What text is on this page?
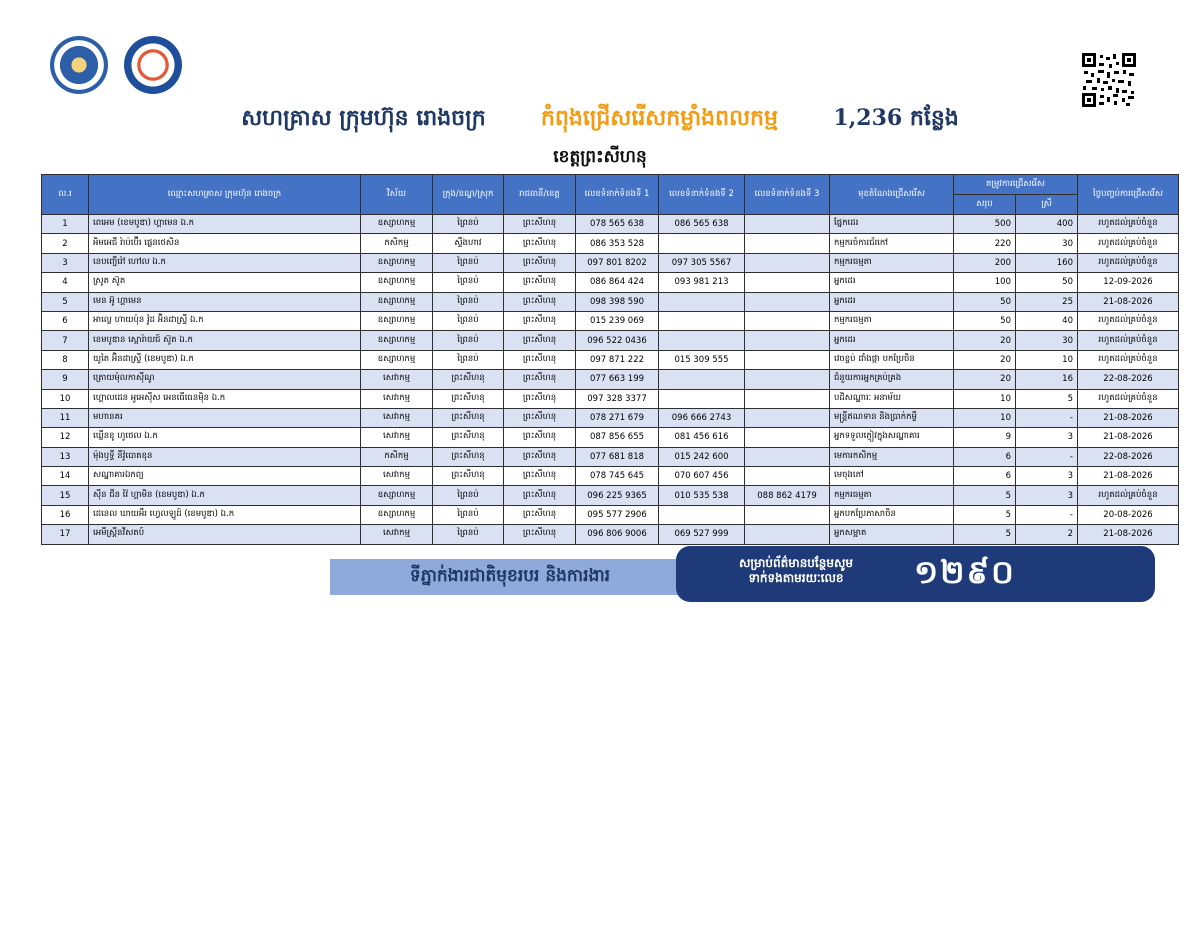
សហគ្រាស ក្រុមហ៊ុន រោងចក្រ	កំពុងជ្រើសរើសកម្លាំងពលកម្ម	1,236 កន្លែង
ខេត្តព្រះសីហនុ
ល.រ	ឈ្មោះសហគ្រាស ក្រុមហ៊ុន រោងចក្រ	វិស័យ	ក្រុង/ខណ្ឌ/ស្រុក	រាជធានី/ខេត្ត	លេខទំនាក់ទំនងទី 1	លេខទំនាក់ទំនងទី 2	លេខទំនាក់ទំនងទី 3	មុខតំណែងជ្រើសរើស	តម្រូវការជ្រើសរើស		ថ្ងៃបញ្ចប់ការជ្រើសរើស
									សរុប	ស្រី	
1	ពេអេម (ខេមបូឌា) ហ្គាមេន ឯ.ក	ឧស្សាហកម្ម	ព្រៃនប់	ព្រះសីហនុ	078 565 638	086 565 638		ផ្នែកដេរ	500	400	រហូតដល់គ្រប់ចំនួន
2	អិមអេជី រ៉ាប់ប៊ើរ ផ្លេនថេសិន	កសិកម្ម	ស្ទឹងហាវ	ព្រះសីហនុ	086 353 528			កម្មករចំការជ័រកៅ	220	30	រហូតដល់គ្រប់ចំនួន
3	នេបញ្ជើរ៉ៅ ហៅល ឯ.ក	ឧស្សាហកម្ម	ព្រៃនប់	ព្រះសីហនុ	097 801 8202	097 305 5567		កម្មករធម្មតា	200	160	រហូតដល់គ្រប់ចំនួន
4	ស្រូត ស៊ូត	ឧស្សាហកម្ម	ព្រៃនប់	ព្រះសីហនុ	086 864 424	093 981 213		អ្នកដេរ	100	50	12-09-2026
5	មេន អ៊ូ ហ្គាមេន	ឧស្សាហកម្ម	ព្រៃនប់	ព្រះសីហនុ	098 398 590			អ្នកដេរ	50	25	21-08-2026
6	អាល្លេ ហាយប៉ុន វ៉ូដ អ៊ិនដាស្ទ្រី ឯ.ក	ឧស្សាហកម្ម	ព្រៃនប់	ព្រះសីហនុ	015 239 069			កម្មករធម្មតា	50	40	រហូតដល់គ្រប់ចំនួន
7	ខេមបូឌាន ស្ពោរ៉ាយជ៍ ស៊ូត ឯ.ក	ឧស្សាហកម្ម	ព្រៃនប់	ព្រះសីហនុ	096 522 0436			អ្នកដេរ	20	30	រហូតដល់គ្រប់ចំនួន
8	យូតៃ អ៊ិនដាស្ទ្រី (ខេមបូឌា) ឯ.ក	ឧស្សាហកម្ម	ព្រៃនប់	ព្រះសីហនុ	097 871 222	015 309 555		វេចខ្ចប់ ដាំងផ្កា បកប្រែចិន	20	10	រហូតដល់គ្រប់ចំនួន
9	ត្រោយម៉ុលកាស៊ីណូ	សេវាកម្ម	ព្រះសីហនុ	ព្រះសីហនុ	077 663 199			ជំនួយការអ្នកគ្រប់គ្រង	20	16	22-08-2026
10	ហ្គោលដេន អូអេស៊ីស អេនធើធេនម៉ិន ឯ.ក	សេវាកម្ម	ព្រះសីហនុ	ព្រះសីហនុ	097 328 3377			បដិសណ្ឋារៈ អនាម័យ	10	5	រហូតដល់គ្រប់ចំនួន
11	មហានគរ	សេវាកម្ម	ព្រះសីហនុ	ព្រះសីហនុ	078 271 679	096 666 2743		មន្ត្រីឥណទាន និងប្រាក់កម្ចី	10	-	21-08-2026
12	ឃ្លើនខូ ហូថេល ឯ.ក	សេវាកម្ម	ព្រះសីហនុ	ព្រះសីហនុ	087 856 655	081 456 616		អ្នកទទួលភ្ញៀវក្នុងសណ្ឋាគារ	9	3	21-08-2026
13	ម៉ុងឫទ្ធី នីវ៉ូបោតខុន	កសិកម្ម	ព្រះសីហនុ	ព្រះសីហនុ	077 681 818	015 242 600		មេការកសិកម្ម	6	-	22-08-2026
14	សណ្ឋាគារឯកព្យ	សេវាកម្ម	ព្រះសីហនុ	ព្រះសីហនុ	078 745 645	070 607 456		មេចុងភៅ	6	3	21-08-2026
15	ស៊ីន ជីន វ៉ៃ ហ្គាមិន (ខេមបូឌា) ឯ.ក	ឧស្សាហកម្ម	ព្រៃនប់	ព្រះសីហនុ	096 225 9365	010 535 538	088 862 4179	កម្មករធម្មតា	5	3	រហូតដល់គ្រប់ចំនួន
16	ដេនេល ឃាយអឹរ ហ្វេលឡូដ៍ (ខេមបូឌា) ឯ.ក	ឧស្សាហកម្ម	ព្រៃនប់	ព្រះសីហនុ	095 577 2906			អ្នកបកប្រែភាសាចិន	5	-	20-08-2026
17	អេមីស្ត្រីនវីសតប៍	សេវាកម្ម	ព្រៃនប់	ព្រះសីហនុ	096 806 9006	069 527 999		អ្នកសម្អាត	5	2	21-08-2026
ទីភ្នាក់ងារជាតិមុខរបរ និងការងារ
សម្រាប់ព័ត៌មានបន្ថែមសូម
ទាក់ទងតាមរយៈលេខ	១២៩០
